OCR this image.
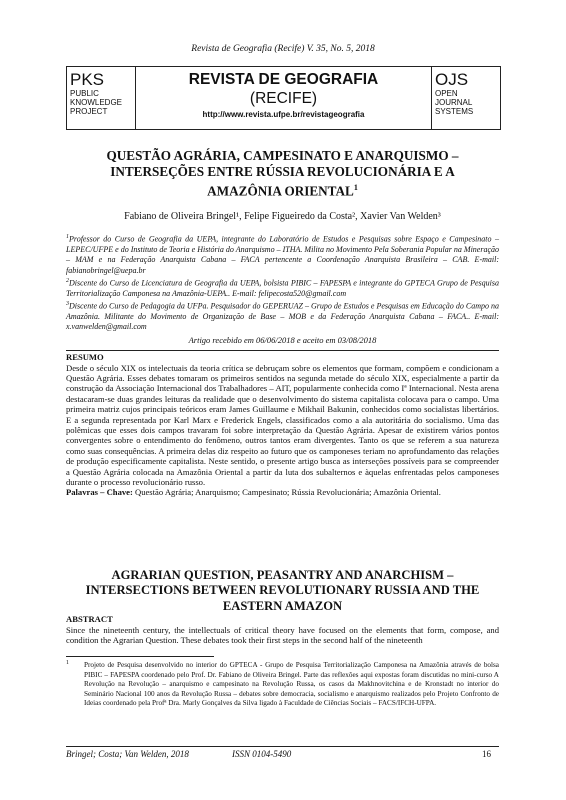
Revista de Geografia (Recife) V. 35, No. 5, 2018
PKS
PUBLIC
KNOWLEDGE
PROJECT
REVISTA DE GEOGRAFIA
(RECIFE)
http://www.revista.ufpe.br/revistageografia
OJS
OPEN
JOURNAL
SYSTEMS
QUESTÃO AGRÁRIA, CAMPESINATO E ANARQUISMO –
INTERSEÇÕES ENTRE RÚSSIA REVOLUCIONÁRIA E A
AMAZÔNIA ORIENTAL$^1$
Fabiano de Oliveira Bringel¹, Felipe Figueiredo da Costa², Xavier Van Welden³

$^1$Professor do Curso de Geografia da UEPA, integrante do Laboratório de Estudos e Pesquisas sobre Espaço e Campesinato – LEPEC/UFPE e do Instituto de Teoria e História do Anarquismo – ITHA. Milita no Movimento Pela Soberania Popular na Mineração – MAM e na Federação Anarquista Cabana – FACA pertencente a Coordenação Anarquista Brasileira – CAB. E-mail: fabianobringel@uepa.br

$^2$Discente do Curso de Licenciatura de Geografia da UEPA, bolsista PIBIC – FAPESPA e integrante do GPTECA Grupo de Pesquisa Territorialização Camponesa na Amazônia-UEPA.. E-mail: felipecosta520@gmail.com

$^3$Discente do Curso de Pedagogia da UFPa. Pesquisador do GEPERUAZ – Grupo de Estudos e Pesquisas em Educação do Campo na Amazônia. Militante do Movimento de Organização de Base – MOB e da Federação Anarquista Cabana – FACA.. E-mail: x.vanwelden@gmail.com

Artigo recebido em 06/06/2018 e aceito em 03/08/2018
RESUMO

Desde o século XIX os intelectuais da teoria crítica se debruçam sobre os elementos que formam, compõem e condicionam a Questão Agrária. Esses debates tomaram os primeiros sentidos na segunda metade do século XIX, especialmente a partir da construção da Associação Internacional dos Trabalhadores – AIT, popularmente conhecida como Iª Internacional. Nesta arena destacaram-se duas grandes leituras da realidade que o desenvolvimento do sistema capitalista colocava para o campo. Uma primeira matriz cujos principais teóricos eram James Guillaume e Mikhail Bakunin, conhecidos como socialistas libertários. E a segunda representada por Karl Marx e Frederick Engels, classificados como a ala autoritária do socialismo. Uma das polêmicas que esses dois campos travaram foi sobre interpretação da Questão Agrária. Apesar de existirem vários pontos convergentes sobre o entendimento do fenômeno, outros tantos eram divergentes. Tanto os que se referem a sua natureza como suas consequências. A primeira delas diz respeito ao futuro que os camponeses teriam no aprofundamento das relações de produção especificamente capitalista. Neste sentido, o presente artigo busca as interseções possíveis para se compreender a Questão Agrária colocada na Amazônia Oriental a partir da luta dos subalternos e àquelas enfrentadas pelos camponeses durante o processo revolucionário russo.

Palavras – Chave: Questão Agrária; Anarquismo; Campesinato; Rússia Revolucionária; Amazônia Oriental.

AGRARIAN QUESTION, PEASANTRY AND ANARCHISM –
INTERSECTIONS BETWEEN REVOLUTIONARY RUSSIA AND THE
EASTERN AMAZON
ABSTRACT

Since the nineteenth century, the intellectuals of critical theory have focused on the elements that form, compose, and condition the Agrarian Question. These debates took their first steps in the second half of the nineteenth

1 Projeto de Pesquisa desenvolvido no interior do GPTECA - Grupo de Pesquisa Territorialização Camponesa na Amazônia através de bolsa PIBIC – FAPESPA coordenado pelo Prof. Dr. Fabiano de Oliveira Bringel. Parte das reflexões aqui expostas foram discutidas no mini-curso A Revolução na Revolução – anarquismo e campesinato na Revolução Russa, os casos da Makhnovitchina e de Kronstadt no interior do Seminário Nacional 100 anos da Revolução Russa – debates sobre democracia, socialismo e anarquismo realizados pelo Projeto Confronto de Ideias coordenado pela Profª Dra. Marly Gonçalves da Silva ligado à Faculdade de Ciências Sociais – FACS/IFCH-UFPA.
Bringel; Costa; Van Welden, 2018	ISSN 0104-5490	16
